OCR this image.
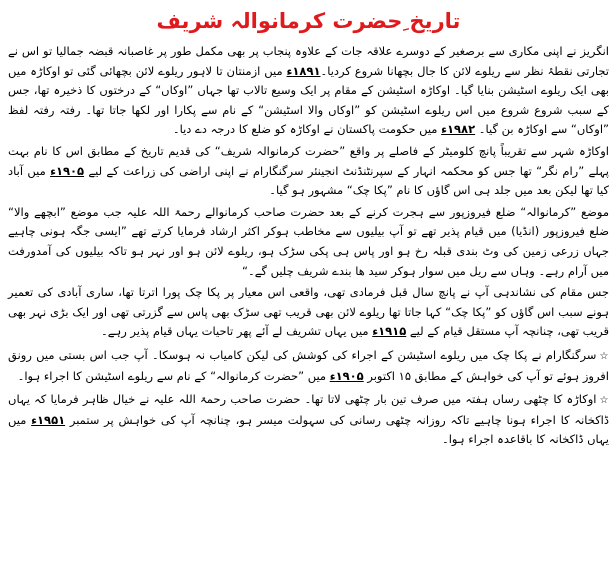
تاریخ ِحضرت کرمانوالہ شریف

انگریز نے اپنی مکاری سے برصغیر کے دوسرے علاقہ جات کے علاوہ پنجاب پر بھی مکمل طور پر غاصبانہ قبضہ جمالیا تو اس نے تجارتی نقطۂ نظر سے ریلوے لائن کا جال بچھانا شروع کردیا۔۱۸۹۱ء میں ازمنتان تا لاہور ریلوے لائن بچھائی گئی تو اوکاڑہ میں بھی ایک ریلوے اسٹیشن بنایا گیا۔ اوکاڑہ اسٹیشن کے مقام پر ایک وسیع تالاب تھا جہاں ”اوکاں“ کے درختوں کا ذخیرہ تھا، جس کے سبب شروع شروع میں اس ریلوے اسٹیشن کو ”اوکاں والا اسٹیشن“ کے نام سے پکارا اور لکھا جاتا تھا۔ رفتہ رفتہ لفظ ”اوکاں“ سے اوکاڑہ بن گیا۔ ۱۹۸۲ء میں حکومت پاکستان نے اوکاڑہ کو ضلع کا درجہ دے دیا۔

اوکاڑہ شہر سے تقریباً پانچ کلومیٹر کے فاصلے پر واقع ”حضرت کرمانوالہ شریف“ کی قدیم تاریخ کے مطابق اس کا نام بہت پہلے ”رام نگر“ تھا جس کو محکمہ انہار کے سپرنٹنڈنٹ انجینئر سرگنگارام نے اپنی اراضی کی زراعت کے لیے ۱۹۰۵ء میں آباد کیا تھا لیکن بعد میں جلد ہی اس گاؤں کا نام ”پکا چک“ مشہور ہو گیا۔

موضع ”کرمانوالہ“ ضلع فیروزپور سے ہجرت کرنے کے بعد حضرت صاحب کرمانوالے رحمۃ اللہ علیہ جب موضع ”ابچھے والا“ ضلع فیروزپور (انڈیا) میں قیام پذیر تھے تو آپ بیلیوں سے مخاطب ہوکر اکثر ارشاد فرمایا کرتے تھے ”ایسی جگہ ہونی چاہیے جہاں زرعی زمین کی وٹ بندی قبلہ رخ ہو اور پاس ہی پکی سڑک ہو، ریلوے لائن ہو اور نہر ہو تاکہ بیلیوں کی آمدورفت میں آرام رہے۔ وہاں سے ریل میں سوار ہوکر سید ھا بندے شریف چلیں گے۔“

جس مقام کی نشاندہی آپ نے پانچ سال قبل فرمادی تھی، واقعی اس معیار پر پکا چک پورا اترتا تھا، ساری آبادی کی تعمیر ہونے سبب اس گاؤں کو ”پکا چک“ کہا جاتا تھا ریلوے لائن بھی قریب تھی سڑک بھی پاس سے گزرتی تھی اور ایک بڑی نہر بھی قریب تھی، چنانچہ آپ مستقل قیام کے لیے ۱۹۱۵ء میں یہاں تشریف لے آئے پھر تاحیات یہاں قیام پذیر رہے۔

☆سرگنگارام نے پکا چک میں ریلوے اسٹیشن کے اجراء کی کوشش کی لیکن کامیاب نہ ہوسکا۔ آپ جب اس بستی میں رونق افروز ہوئے تو آپ کی خواہش کے مطابق ۱۵ اکتوبر ۱۹۰۵ء میں ”حضرت کرمانوالہ“ کے نام سے ریلوے اسٹیشن کا اجراء ہوا۔

☆اوکاڑہ کا چٹھی رساں ہفتہ میں صرف تین بار چٹھی لاتا تھا۔ حضرت صاحب رحمۃ اللہ علیہ نے خیال ظاہر فرمایا کہ یہاں ڈاکخانہ کا اجراء ہونا چاہیے تاکہ روزانہ چٹھی رسانی کی سہولت میسر ہو، چنانچہ آپ کی خواہش پر ستمبر ۱۹۵۱ء میں یہاں ڈاکخانہ کا باقاعدہ اجراء ہوا۔
